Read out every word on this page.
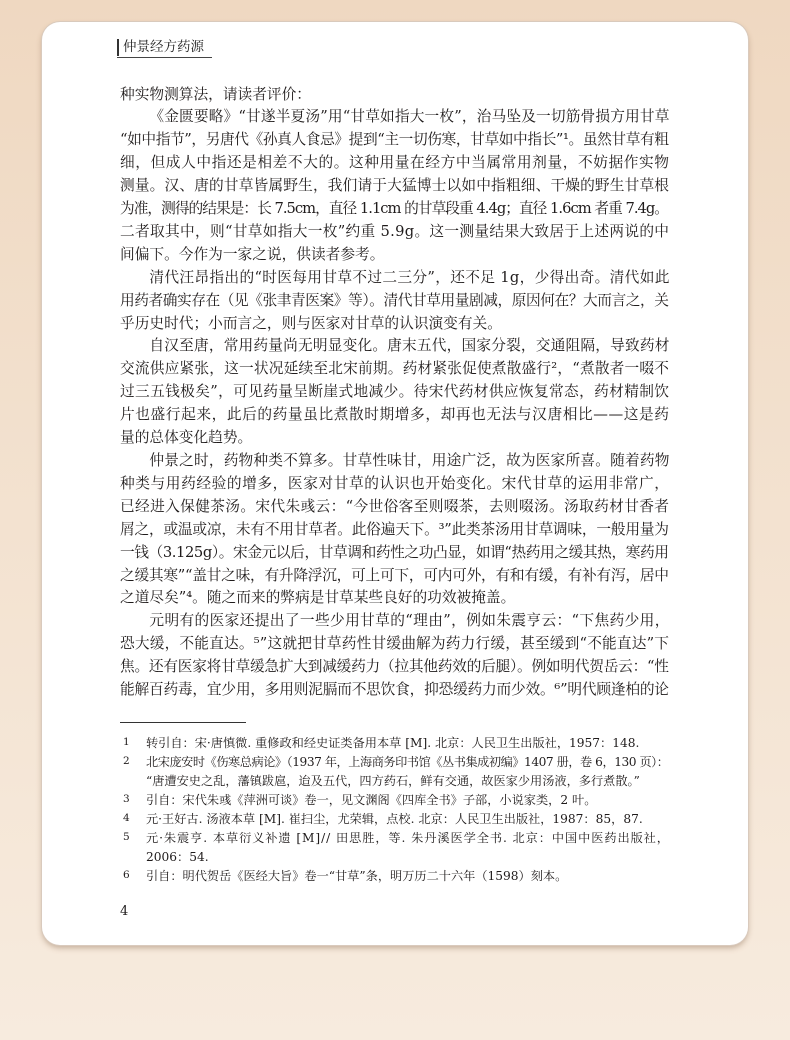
仲景经方药源
种实物测算法，请读者评价：
《金匮要略》“甘遂半夏汤”用“甘草如指大一枚”，治马坠及一切筋骨损方用甘草
“如中指节”，另唐代《孙真人食忌》提到“主一切伤寒，甘草如中指长”¹。虽然甘草有粗
细，但成人中指还是相差不大的。这种用量在经方中当属常用剂量，不妨据作实物
测量。汉、唐的甘草皆属野生，我们请于大猛博士以如中指粗细、干燥的野生甘草根
为准，测得的结果是：长 7.5cm，直径 1.1cm 的甘草段重 4.4g；直径 1.6cm 者重 7.4g。
二者取其中，则“甘草如指大一枚”约重 5.9g。这一测量结果大致居于上述两说的中
间偏下。今作为一家之说，供读者参考。
清代汪昂指出的“时医每用甘草不过二三分”，还不足 1g，少得出奇。清代如此
用药者确实存在（见《张聿青医案》等）。清代甘草用量剧减，原因何在？大而言之，关
乎历史时代；小而言之，则与医家对甘草的认识演变有关。
自汉至唐，常用药量尚无明显变化。唐末五代，国家分裂，交通阻隔，导致药材
交流供应紧张，这一状况延续至北宋前期。药材紧张促使煮散盛行²，“煮散者一啜不
过三五钱极矣”，可见药量呈断崖式地减少。待宋代药材供应恢复常态，药材精制饮
片也盛行起来，此后的药量虽比煮散时期增多，却再也无法与汉唐相比——这是药
量的总体变化趋势。
仲景之时，药物种类不算多。甘草性味甘，用途广泛，故为医家所喜。随着药物
种类与用药经验的增多，医家对甘草的认识也开始变化。宋代甘草的运用非常广，
已经进入保健茶汤。宋代朱彧云：“今世俗客至则啜茶，去则啜汤。汤取药材甘香者
屑之，或温或凉，未有不用甘草者。此俗遍天下。³”此类茶汤用甘草调味，一般用量为
一钱（3.125g）。宋金元以后，甘草调和药性之功凸显，如谓“热药用之缓其热，寒药用
之缓其寒”“盖甘之味，有升降浮沉，可上可下，可内可外，有和有缓，有补有泻，居中
之道尽矣”⁴。随之而来的弊病是甘草某些良好的功效被掩盖。
元明有的医家还提出了一些少用甘草的“理由”，例如朱震亨云：“下焦药少用，
恐大缓，不能直达。⁵”这就把甘草药性甘缓曲解为药力行缓，甚至缓到“不能直达”下
焦。还有医家将甘草缓急扩大到减缓药力（拉其他药效的后腿）。例如明代贺岳云：“性
能解百药毒，宜少用，多用则泥膈而不思饮食，抑恐缓药力而少效。⁶”明代顾逢柏的论
1 转引自：宋·唐慎微. 重修政和经史证类备用本草 [M]. 北京：人民卫生出版社，1957：148.
2 北宋庞安时《伤寒总病论》（1937 年，上海商务印书馆《丛书集成初编》1407 册，卷 6，130 页）：
“唐遭安史之乱，藩镇跋扈，迨及五代，四方药石，鲜有交通，故医家少用汤液，多行煮散。”
3 引自：宋代朱彧《萍洲可谈》卷一，见文渊阁《四库全书》子部，小说家类，2 叶。
4 元·王好古. 汤液本草 [M]. 崔扫尘，尤荣辑，点校. 北京：人民卫生出版社，1987：85，87.
5 元·朱震亨. 本草衍义补遗 [M]// 田思胜，等. 朱丹溪医学全书. 北京：中国中医药出版社，
2006：54.
6 引自：明代贺岳《医经大旨》卷一“甘草”条，明万历二十六年（1598）刻本。
4
